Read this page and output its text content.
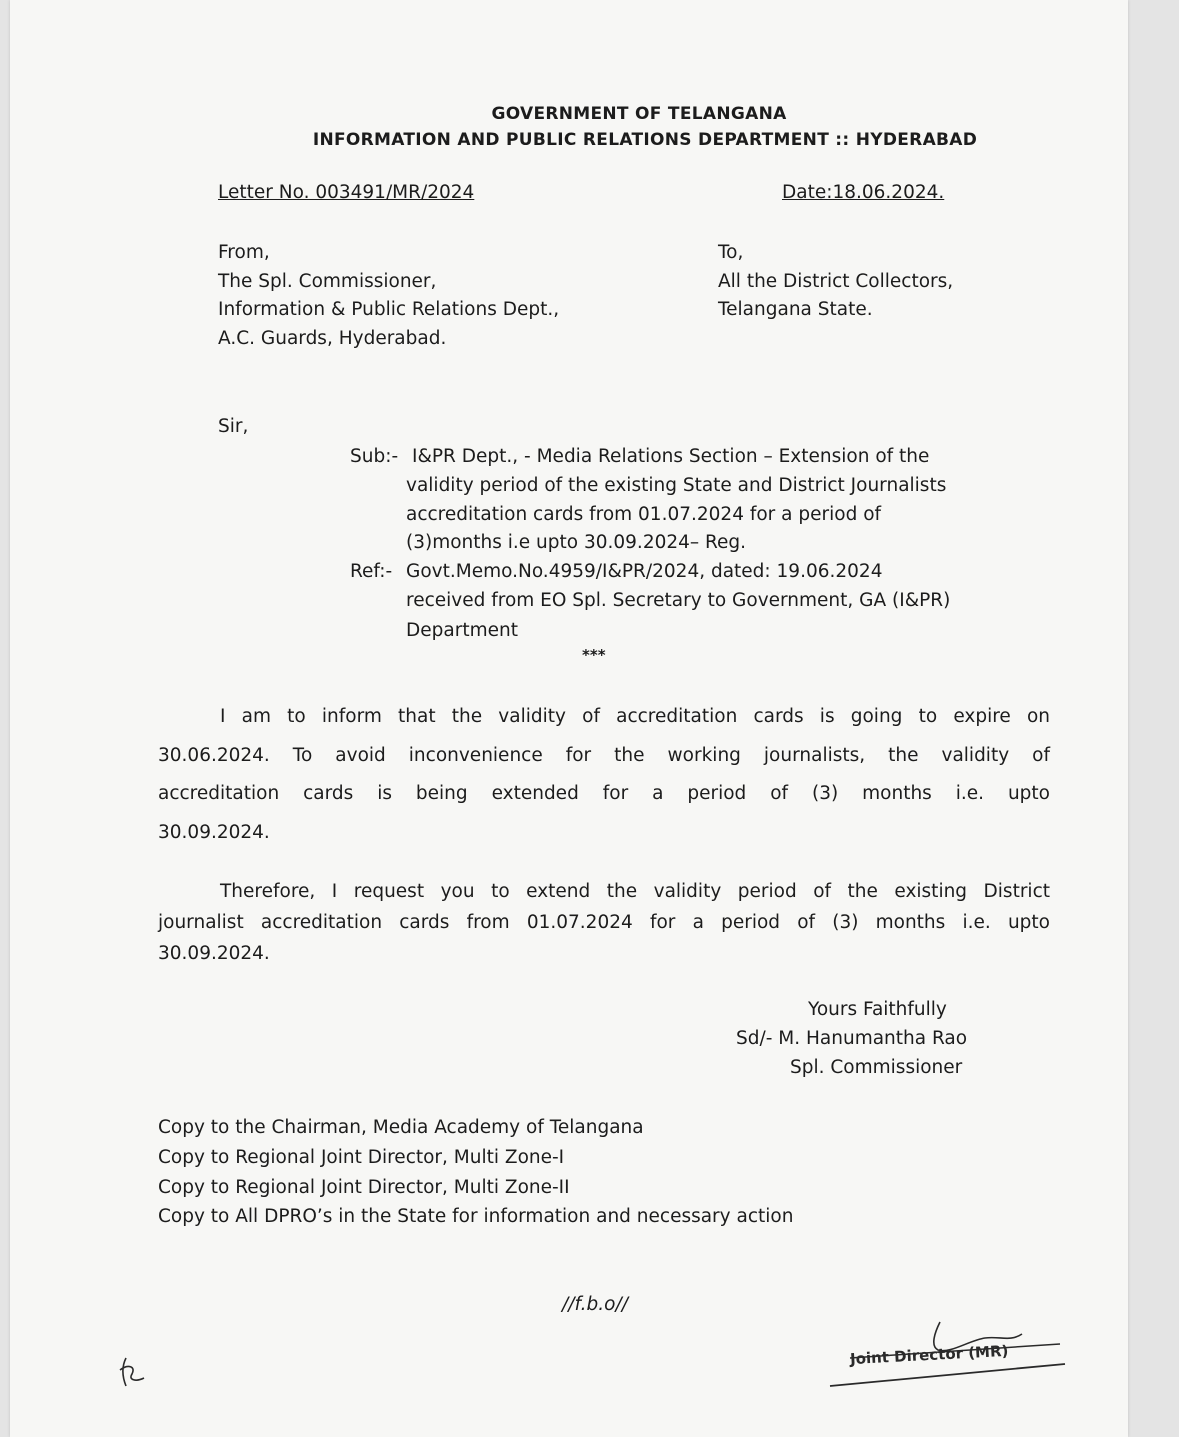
GOVERNMENT OF TELANGANA
INFORMATION AND PUBLIC RELATIONS DEPARTMENT :: HYDERABAD
Letter No. 003491/MR/2024	Date:18.06.2024.
From,
The Spl. Commissioner,
Information & Public Relations Dept.,
A.C. Guards, Hyderabad.
To,
All the District Collectors,
Telangana State.
Sir,
Sub:- I&PR Dept., - Media Relations Section – Extension of the
validity period of the existing State and District Journalists
accreditation cards from 01.07.2024 for a period of
(3)months i.e upto 30.09.2024– Reg.
Ref:- Govt.Memo.No.4959/I&PR/2024, dated: 19.06.2024
received from EO Spl. Secretary to Government, GA (I&PR)
Department
***
I am to inform that the validity of accreditation cards is going to expire on
30.06.2024. To avoid inconvenience for the working journalists, the validity of
accreditation cards is being extended for a period of (3) months i.e. upto
30.09.2024.
Therefore, I request you to extend the validity period of the existing District
journalist accreditation cards from 01.07.2024 for a period of (3) months i.e. upto
30.09.2024.
Yours Faithfully
Sd/- M. Hanumantha Rao
Spl. Commissioner
Copy to the Chairman, Media Academy of Telangana
Copy to Regional Joint Director, Multi Zone-I
Copy to Regional Joint Director, Multi Zone-II
Copy to All DPRO’s in the State for information and necessary action
//f.b.o//
Joint Director (MR)
